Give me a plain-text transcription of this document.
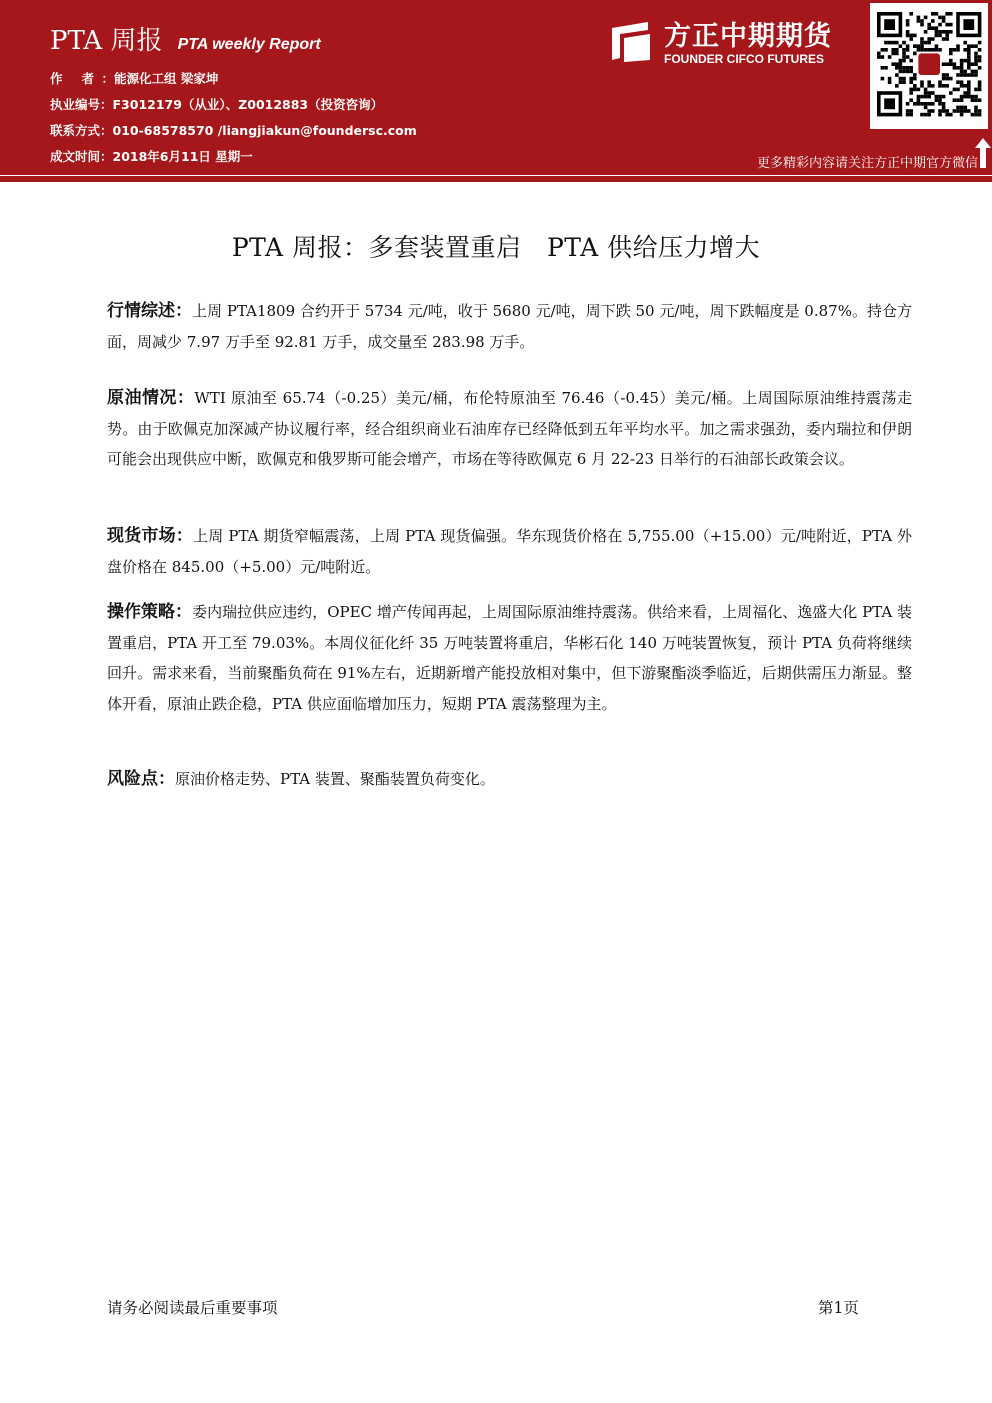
PTA 周报 PTA weekly Report
作 者：能源化工组 梁家坤
执业编号：F3012179（从业）、Z0012883（投资咨询）
联系方式：010-68578570 /liangjiakun@foundersc.com
成文时间：2018年6月11日 星期一
方正中期期货
FOUNDER CIFCO FUTURES
更多精彩内容请关注方正中期官方微信
PTA 周报：多套装置重启　PTA 供给压力增大
行情综述：上周 PTA1809 合约开于 5734 元/吨，收于 5680 元/吨，周下跌 50 元/吨，周下跌幅度是 0.87%。持仓方面，周减少 7.97 万手至 92.81 万手，成交量至 283.98 万手。
原油情况：WTI 原油至 65.74（-0.25）美元/桶，布伦特原油至 76.46（-0.45）美元/桶。上周国际原油维持震荡走势。由于欧佩克加深减产协议履行率，经合组织商业石油库存已经降低到五年平均水平。加之需求强劲，委内瑞拉和伊朗可能会出现供应中断，欧佩克和俄罗斯可能会增产，市场在等待欧佩克 6 月 22-23 日举行的石油部长政策会议。
现货市场：上周 PTA 期货窄幅震荡，上周 PTA 现货偏强。华东现货价格在 5,755.00（+15.00）元/吨附近，PTA 外盘价格在 845.00（+5.00）元/吨附近。
操作策略：委内瑞拉供应违约，OPEC 增产传闻再起，上周国际原油维持震荡。供给来看，上周福化、逸盛大化 PTA 装置重启，PTA 开工至 79.03%。本周仪征化纤 35 万吨装置将重启，华彬石化 140 万吨装置恢复，预计 PTA 负荷将继续回升。需求来看，当前聚酯负荷在 91%左右，近期新增产能投放相对集中，但下游聚酯淡季临近，后期供需压力渐显。整体开看，原油止跌企稳，PTA 供应面临增加压力，短期 PTA 震荡整理为主。
风险点：原油价格走势、PTA 装置、聚酯装置负荷变化。
请务必阅读最后重要事项	第1页
